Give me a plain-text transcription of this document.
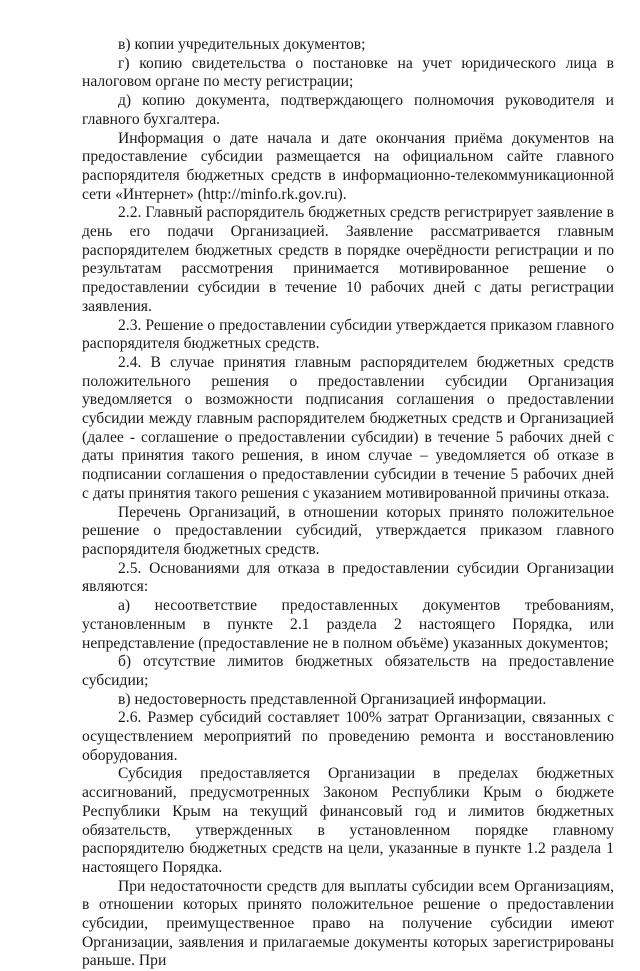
в) копии учредительных документов;

г) копию свидетельства о постановке на учет юридического лица в налоговом органе по месту регистрации;

д) копию документа, подтверждающего полномочия руководителя и главного бухгалтера.

Информация о дате начала и дате окончания приёма документов на предоставление субсидии размещается на официальном сайте главного распорядителя бюджетных средств в информационно-телекоммуникационной сети «Интернет» (http://minfo.rk.gov.ru).

2.2. Главный распорядитель бюджетных средств регистрирует заявление в день его подачи Организацией. Заявление рассматривается главным распорядителем бюджетных средств в порядке очерёдности регистрации и по результатам рассмотрения принимается мотивированное решение о предоставлении субсидии в течение 10 рабочих дней с даты регистрации заявления.

2.3. Решение о предоставлении субсидии утверждается приказом главного распорядителя бюджетных средств.

2.4. В случае принятия главным распорядителем бюджетных средств положительного решения о предоставлении субсидии Организация уведомляется о возможности подписания соглашения о предоставлении субсидии между главным распорядителем бюджетных средств и Организацией (далее - соглашение о предоставлении субсидии) в течение 5 рабочих дней с даты принятия такого решения, в ином случае – уведомляется об отказе в подписании соглашения о предоставлении субсидии в течение 5 рабочих дней с даты принятия такого решения с указанием мотивированной причины отказа.

Перечень Организаций, в отношении которых принято положительное решение о предоставлении субсидий, утверждается приказом главного распорядителя бюджетных средств.

2.5. Основаниями для отказа в предоставлении субсидии Организации являются:

а) несоответствие предоставленных документов требованиям, установленным в пункте 2.1 раздела 2 настоящего Порядка, или непредставление (предоставление не в полном объёме) указанных документов;

б) отсутствие лимитов бюджетных обязательств на предоставление субсидии;

в) недостоверность представленной Организацией информации.

2.6. Размер субсидий составляет 100% затрат Организации, связанных с осуществлением мероприятий по проведению ремонта и восстановлению оборудования.

Субсидия предоставляется Организации в пределах бюджетных ассигнований, предусмотренных Законом Республики Крым о бюджете Республики Крым на текущий финансовый год и лимитов бюджетных обязательств, утвержденных в установленном порядке главному распорядителю бюджетных средств на цели, указанные в пункте 1.2 раздела 1 настоящего Порядка.

При недостаточности средств для выплаты субсидии всем Организациям, в отношении которых принято положительное решение о предоставлении субсидии, преимущественное право на получение субсидии имеют Организации, заявления и прилагаемые документы которых зарегистрированы раньше. При
